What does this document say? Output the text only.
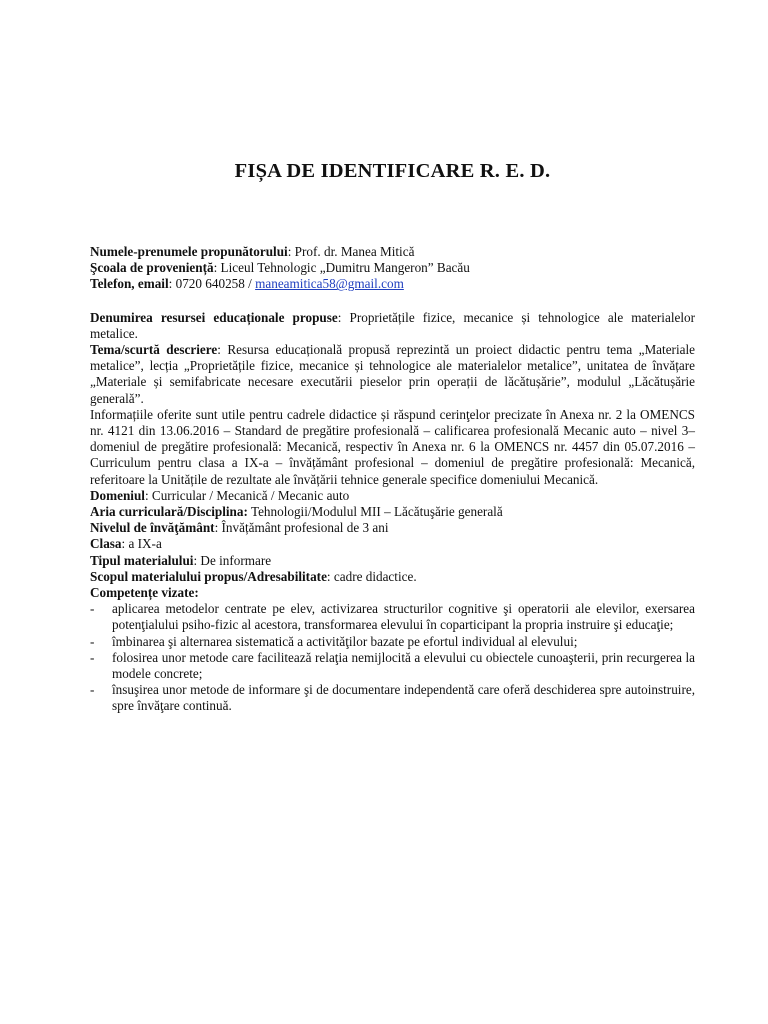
FIȘA DE IDENTIFICARE R. E. D.

Numele-prenumele propunătorului: Prof. dr. Manea Mitică

Şcoala de proveniență: Liceul Tehnologic „Dumitru Mangeron” Bacău

Telefon, email: 0720 640258 / maneamitica58@gmail.com

Denumirea resursei educaționale propuse: Proprietățile fizice, mecanice și tehnologice ale materialelor metalice.

Tema/scurtă descriere: Resursa educațională propusă reprezintă un proiect didactic pentru tema „Materiale metalice”, lecția „Proprietățile fizice, mecanice și tehnologice ale materialelor metalice”, unitatea de învățare „Materiale și semifabricate necesare executării pieselor prin operații de lăcătușărie”, modulul „Lăcătușărie generală”.

Informațiile oferite sunt utile pentru cadrele didactice și răspund cerinţelor precizate în Anexa nr. 2 la OMENCS nr. 4121 din 13.06.2016 – Standard de pregătire profesională – calificarea profesională Mecanic auto – nivel 3– domeniul de pregătire profesională: Mecanică, respectiv în Anexa nr. 6 la OMENCS nr. 4457 din 05.07.2016 – Curriculum pentru clasa a IX-a – învățământ profesional – domeniul de pregătire profesională: Mecanică, referitoare la Unitățile de rezultate ale învățării tehnice generale specifice domeniului Mecanică.

Domeniul: Curricular / Mecanică / Mecanic auto

Aria curriculară/Disciplina: Tehnologii/Modulul MII – Lăcătuşărie generală

Nivelul de învăţământ: Învățământ profesional de 3 ani

Clasa: a IX-a

Tipul materialului: De informare

Scopul materialului propus/Adresabilitate: cadre didactice.

Competențe vizate:

- aplicarea metodelor centrate pe elev, activizarea structurilor cognitive şi operatorii ale elevilor, exersarea potenţialului psiho-fizic al acestora, transformarea elevului în coparticipant la propria instruire şi educaţie;
- îmbinarea şi alternarea sistematică a activităţilor bazate pe efortul individual al elevului;
- folosirea unor metode care facilitează relaţia nemijlocită a elevului cu obiectele cunoaşterii, prin recurgerea la modele concrete;
- însuşirea unor metode de informare şi de documentare independentă care oferă deschiderea spre autoinstruire, spre învăţare continuă.
